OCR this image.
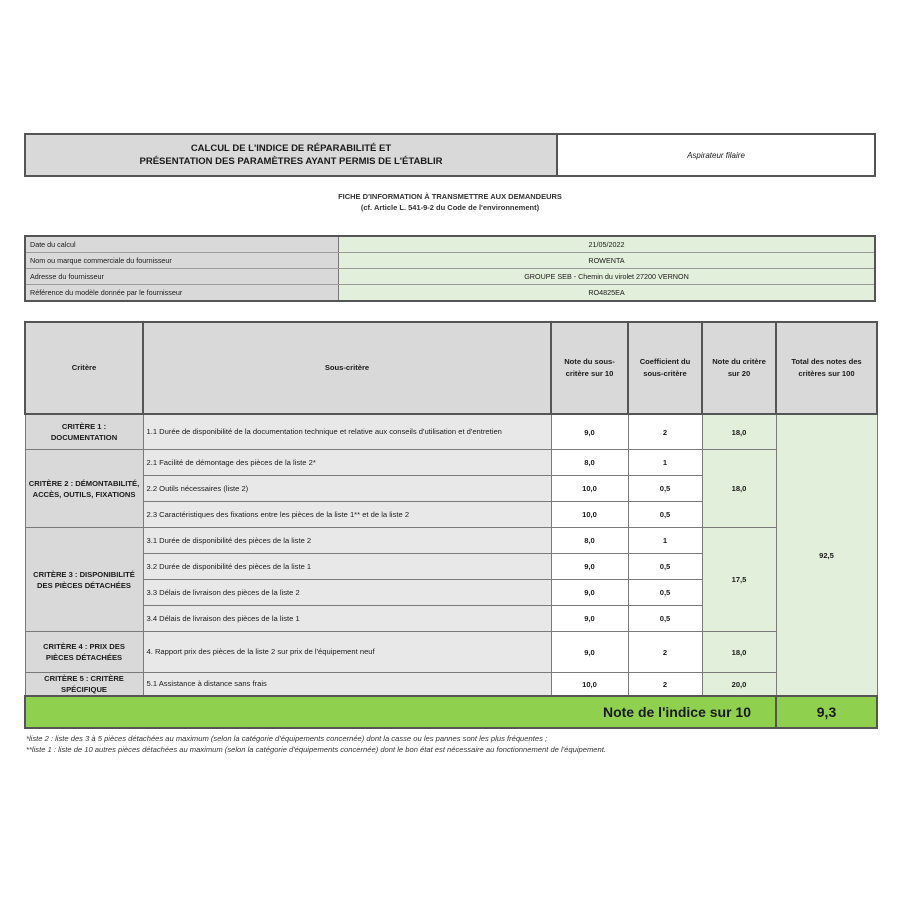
CALCUL DE L'INDICE DE RÉPARABILITÉ ET
PRÉSENTATION DES PARAMÈTRES AYANT PERMIS DE L'ÉTABLIR
Aspirateur filaire
FICHE D'INFORMATION À TRANSMETTRE AUX DEMANDEURS
(cf. Article L. 541-9-2 du Code de l'environnement)
Date du calcul	21/05/2022
Nom ou marque commerciale du fournisseur	ROWENTA
Adresse du fournisseur	GROUPE SEB - Chemin du virolet 27200 VERNON
Référence du modèle donnée par le fournisseur	RO4825EA
Critère	Sous-critère	Note du sous-critère sur 10	Coefficient du sous-critère	Note du critère sur 20	Total des notes des critères sur 100
CRITÈRE 1 : DOCUMENTATION	1.1 Durée de disponibilité de la documentation technique et relative aux conseils d'utilisation et d'entretien	9,0	2	18,0	92,5
CRITÈRE 2 : DÉMONTABILITÉ, ACCÈS, OUTILS, FIXATIONS	2.1 Facilité de démontage des pièces de la liste 2*	8,0	1	18,0	
	2.2 Outils nécessaires (liste 2)	10,0	0,5		
	2.3 Caractéristiques des fixations entre les pièces de la liste 1** et de la liste 2	10,0	0,5		
CRITÈRE 3 : DISPONIBILITÉ DES PIÈCES DÉTACHÉES	3.1 Durée de disponibilité des pièces de la liste 2	8,0	1	17,5	
	3.2 Durée de disponibilité des pièces de la liste 1	9,0	0,5		
	3.3 Délais de livraison des pièces de la liste 2	9,0	0,5		
	3.4 Délais de livraison des pièces de la liste 1	9,0	0,5		
CRITÈRE 4 : PRIX DES PIÈCES DÉTACHÉES	4. Rapport prix des pièces de la liste 2 sur prix de l'équipement neuf	9,0	2	18,0	
CRITÈRE 5 : CRITÈRE SPÉCIFIQUE	5.1 Assistance à distance sans frais	10,0	2	20,0	
Note de l'indice sur 10					9,3
*liste 2 : liste des 3 à 5 pièces détachées au maximum (selon la catégorie d'équipements concernée) dont la casse ou les pannes sont les plus fréquentes ;
**liste 1 : liste de 10 autres pièces détachées au maximum (selon la catégorie d'équipements concernée) dont le bon état est nécessaire au fonctionnement de l'équipement.
